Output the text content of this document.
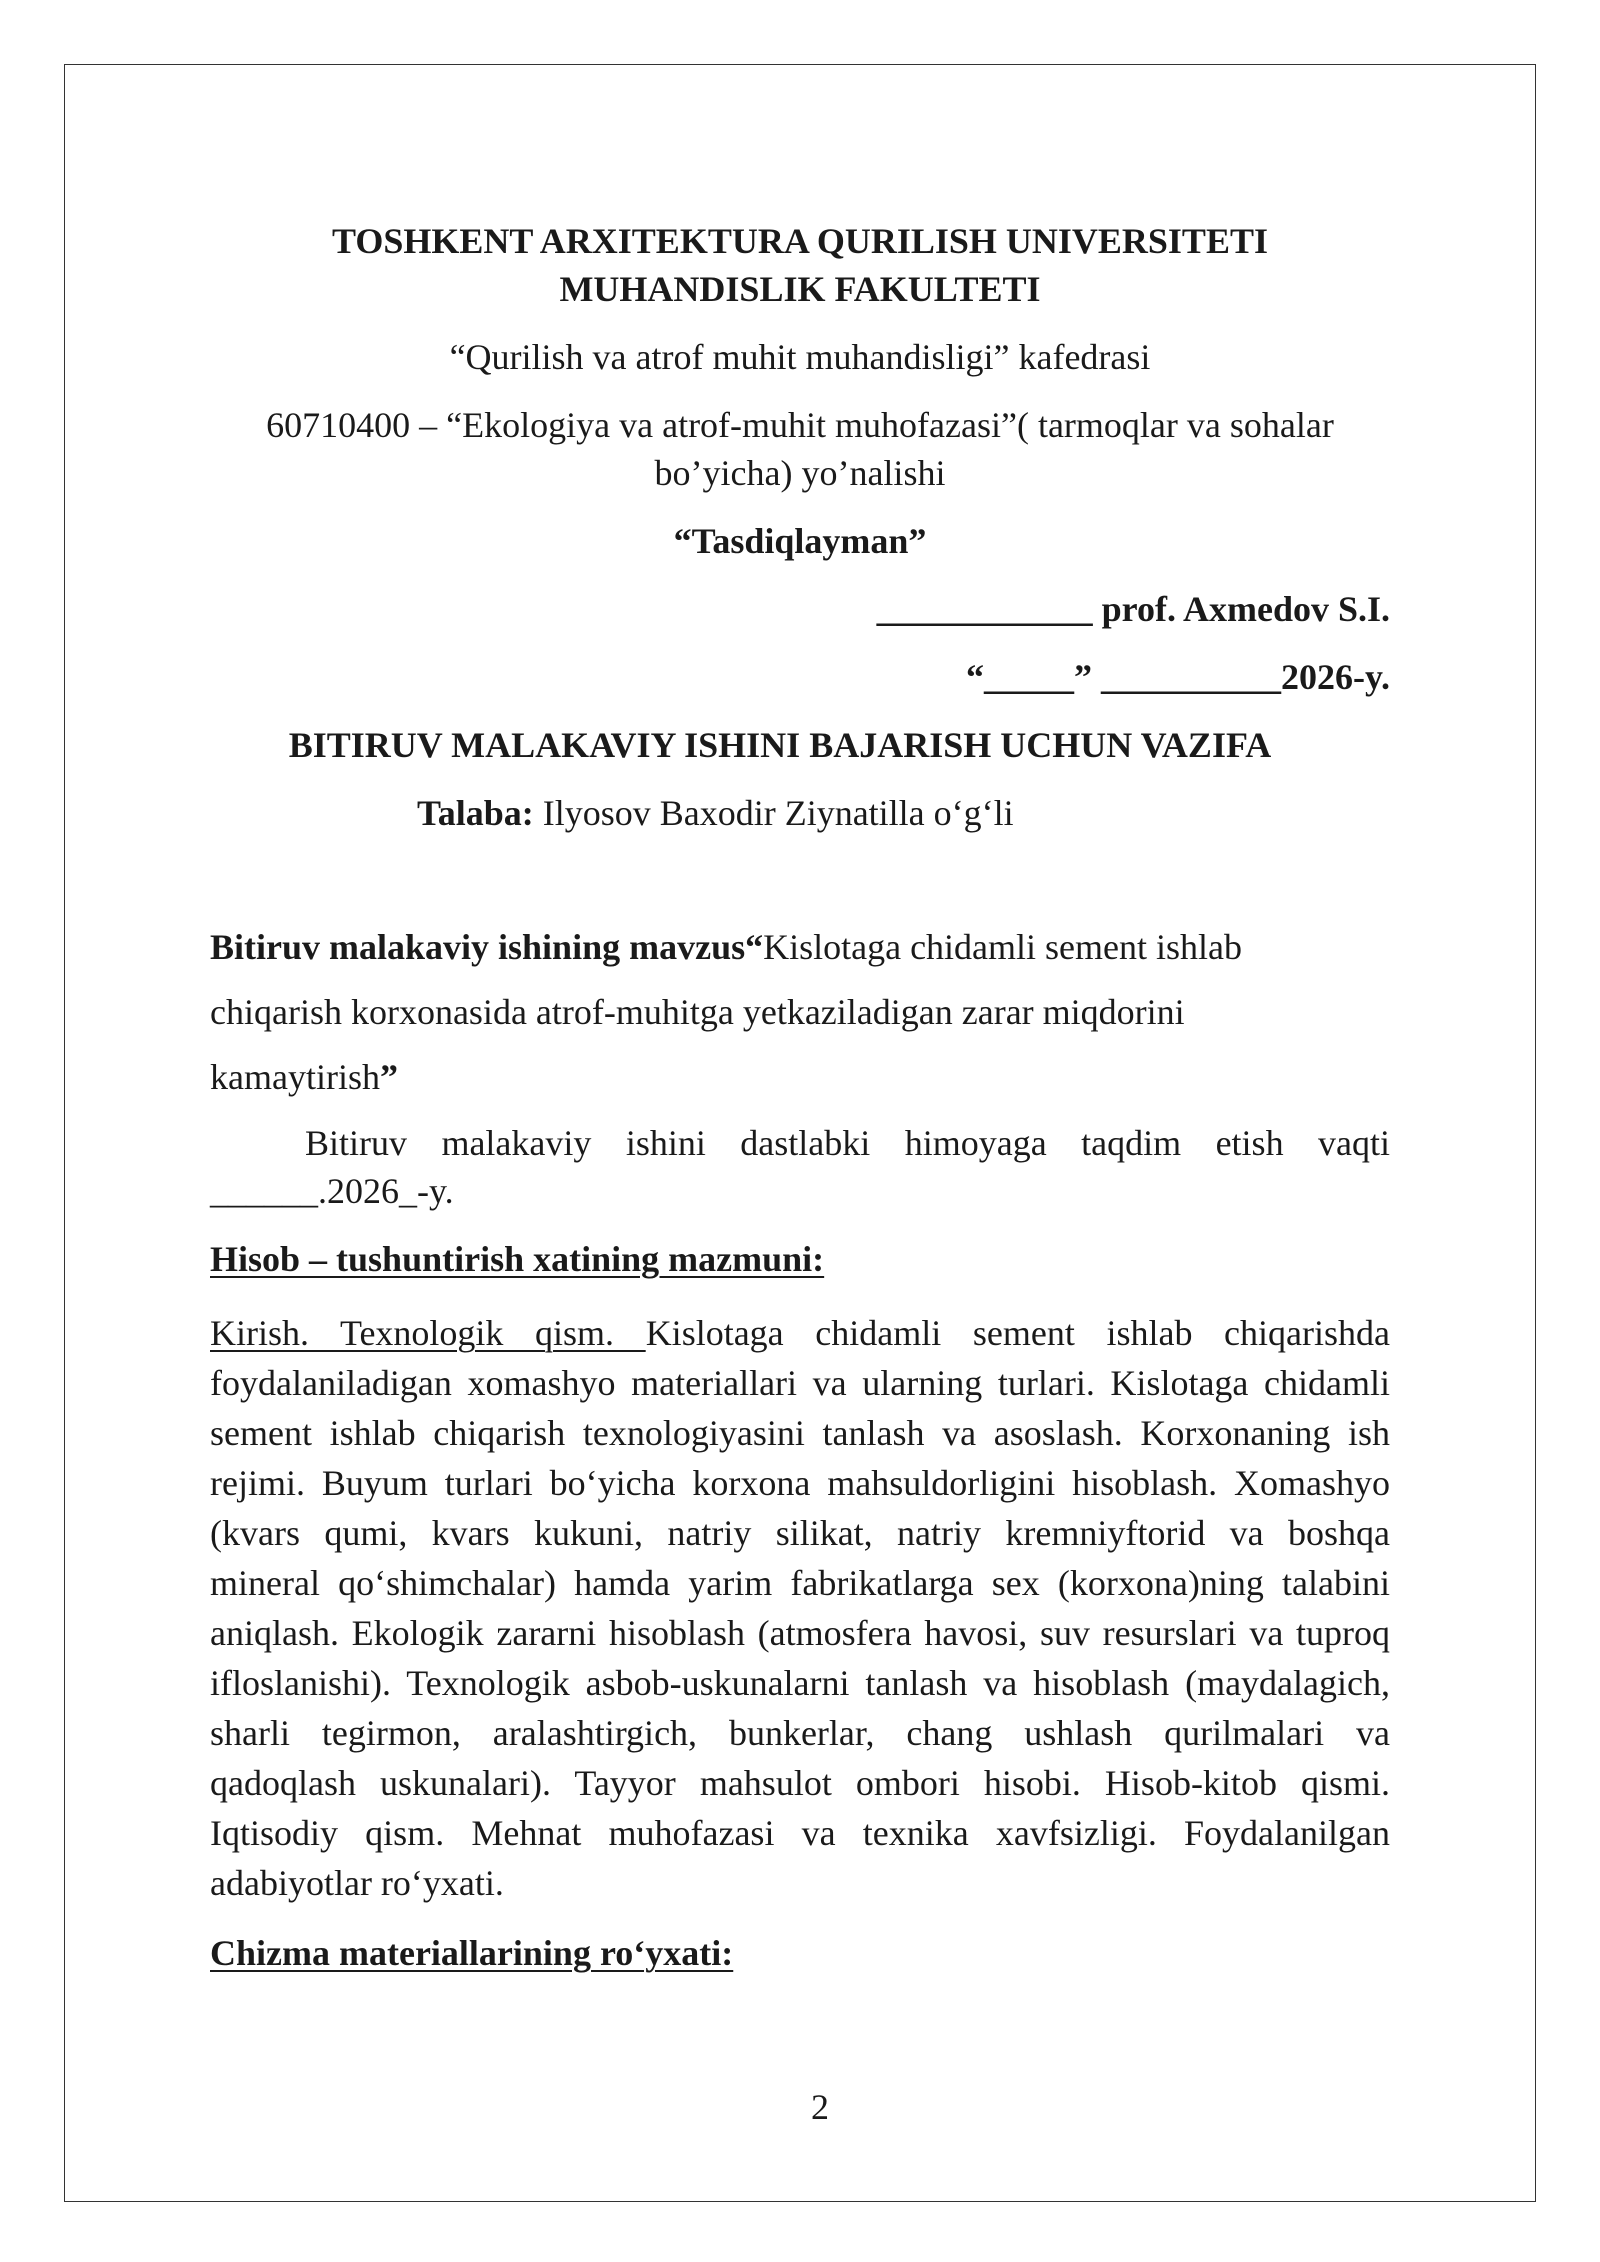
TOSHKENT ARXITEKTURA QURILISH UNIVERSITETI
MUHANDISLIK FAKULTETI
“Qurilish va atrof muhit muhandisligi” kafedrasi
60710400 – “Ekologiya va atrof-muhit muhofazasi”( tarmoqlar va sohalar
bo’yicha) yo’nalishi
“Tasdiqlayman”
____________ prof. Axmedov S.I.
“_____” __________2026-y.
BITIRUV MALAKAVIY ISHINI BAJARISH UCHUN VAZIFA
Talaba: Ilyosov Baxodir Ziynatilla o‘g‘li
Bitiruv malakaviy ishining mavzus“Kislotaga chidamli sement ishlab
chiqarish korxonasida atrof-muhitga yetkaziladigan zarar miqdorini
kamaytirish”
Bitiruv malakaviy ishini dastlabki himoyaga taqdim etish vaqti
______.2026_-y.
Hisob – tushuntirish xatining mazmuni:
Kirish. Texnologik qism. Kislotaga chidamli sement ishlab chiqarishda
foydalaniladigan xomashyo materiallari va ularning turlari. Kislotaga chidamli
sement ishlab chiqarish texnologiyasini tanlash va asoslash. Korxonaning ish
rejimi. Buyum turlari bo‘yicha korxona mahsuldorligini hisoblash. Xomashyo
(kvars qumi, kvars kukuni, natriy silikat, natriy kremniyftorid va boshqa
mineral qo‘shimchalar) hamda yarim fabrikatlarga sex (korxona)ning talabini
aniqlash. Ekologik zararni hisoblash (atmosfera havosi, suv resurslari va tuproq
ifloslanishi). Texnologik asbob-uskunalarni tanlash va hisoblash (maydalagich,
sharli tegirmon, aralashtirgich, bunkerlar, chang ushlash qurilmalari va
qadoqlash uskunalari). Tayyor mahsulot ombori hisobi. Hisob-kitob qismi.
Iqtisodiy qism. Mehnat muhofazasi va texnika xavfsizligi. Foydalanilgan
adabiyotlar ro‘yxati.
Chizma materiallarining ro‘yxati:
2
